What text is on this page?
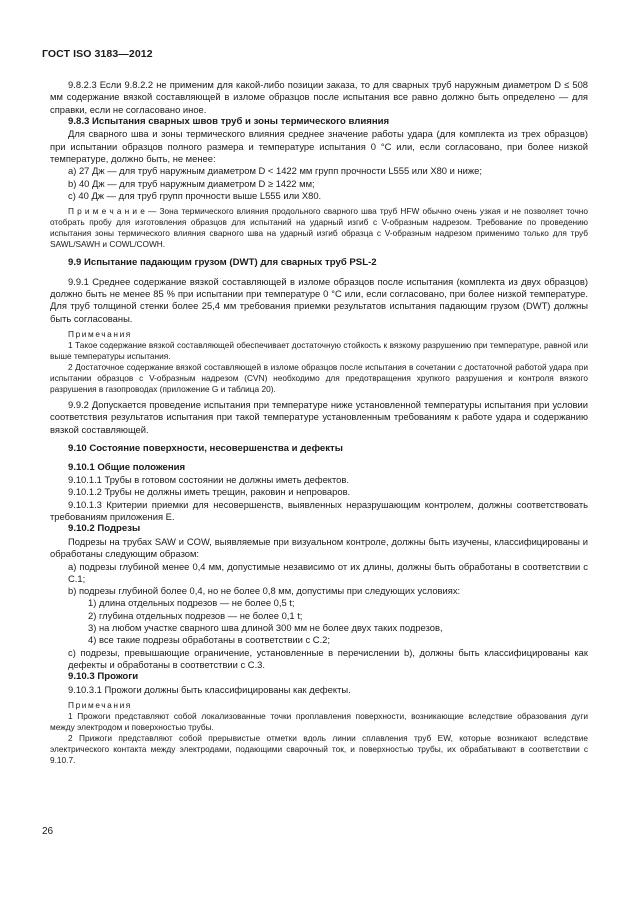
ГОСТ ISO 3183—2012
9.8.2.3 Если 9.8.2.2 не применим для какой-либо позиции заказа, то для сварных труб наружным диаметром D ≤ 508 мм содержание вязкой составляющей в изломе образцов после испытания все равно должно быть определено — для справки, если не согласовано иное.
9.8.3 Испытания сварных швов труб и зоны термического влияния
Для сварного шва и зоны термического влияния среднее значение работы удара (для комплекта из трех образцов) при испытании образцов полного размера и температуре испытания 0 °С или, если согласовано, при более низкой температуре, должно быть, не менее:
a) 27 Дж — для труб наружным диаметром D < 1422 мм групп прочности L555 или X80 и ниже;
b) 40 Дж — для труб наружным диаметром D ≥ 1422 мм;
c) 40 Дж — для труб групп прочности выше L555 или X80.
П р и м е ч а н и е — Зона термического влияния продольного сварного шва труб HFW обычно очень узкая и не позволяет точно отобрать пробу для изготовления образцов для испытаний на ударный изгиб с V-образным надрезом. Требование по проведению испытания зоны термического влияния сварного шва на ударный изгиб образца с V-образным надрезом применимо только для труб SAWL/SAWH и COWL/COWH.
9.9 Испытание падающим грузом (DWT) для сварных труб PSL-2
9.9.1 Среднее содержание вязкой составляющей в изломе образцов после испытания (комплекта из двух образцов) должно быть не менее 85 % при испытании при температуре 0 °С или, если согласовано, при более низкой температуре. Для труб толщиной стенки более 25,4 мм требования приемки результатов испытания падающим грузом (DWT) должны быть согласованы.
Примечания
1 Такое содержание вязкой составляющей обеспечивает достаточную стойкость к вязкому разрушению при температуре, равной или выше температуры испытания.
2 Достаточное содержание вязкой составляющей в изломе образцов после испытания в сочетании с достаточной работой удара при испытании образцов с V-образным надрезом (CVN) необходимо для предотвращения хрупкого разрушения и контроля вязкого разрушения в газопроводах (приложение G и таблица 20).
9.9.2 Допускается проведение испытания при температуре ниже установленной температуры испытания при условии соответствия результатов испытания при такой температуре установленным требованиям к работе удара и содержанию вязкой составляющей.
9.10 Состояние поверхности, несовершенства и дефекты
9.10.1 Общие положения
9.10.1.1 Трубы в готовом состоянии не должны иметь дефектов.
9.10.1.2 Трубы не должны иметь трещин, раковин и непроваров.
9.10.1.3 Критерии приемки для несовершенств, выявленных неразрушающим контролем, должны соответствовать требованиям приложения Е.
9.10.2 Подрезы
Подрезы на трубах SAW и COW, выявляемые при визуальном контроле, должны быть изучены, классифицированы и обработаны следующим образом:
a) подрезы глубиной менее 0,4 мм, допустимые независимо от их длины, должны быть обработаны в соответствии с С.1;
b) подрезы глубиной более 0,4, но не более 0,8 мм, допустимы при следующих условиях:
1) длина отдельных подрезов — не более 0,5 t;
2) глубина отдельных подрезов — не более 0,1 t;
3) на любом участке сварного шва длиной 300 мм не более двух таких подрезов,
4) все такие подрезы обработаны в соответствии с С.2;
c) подрезы, превышающие ограничение, установленные в перечислении b), должны быть классифицированы как дефекты и обработаны в соответствии с С.3.
9.10.3 Прожоги
9.10.3.1 Прожоги должны быть классифицированы как дефекты.
Примечания
1 Прожоги представляют собой локализованные точки проплавления поверхности, возникающие вследствие образования дуги между электродом и поверхностью трубы.
2 Прижоги представляют собой прерывистые отметки вдоль линии сплавления труб EW, которые возникают вследствие электрического контакта между электродами, подающими сварочный ток, и поверхностью трубы, их обрабатывают в соответствии с 9.10.7.
26
